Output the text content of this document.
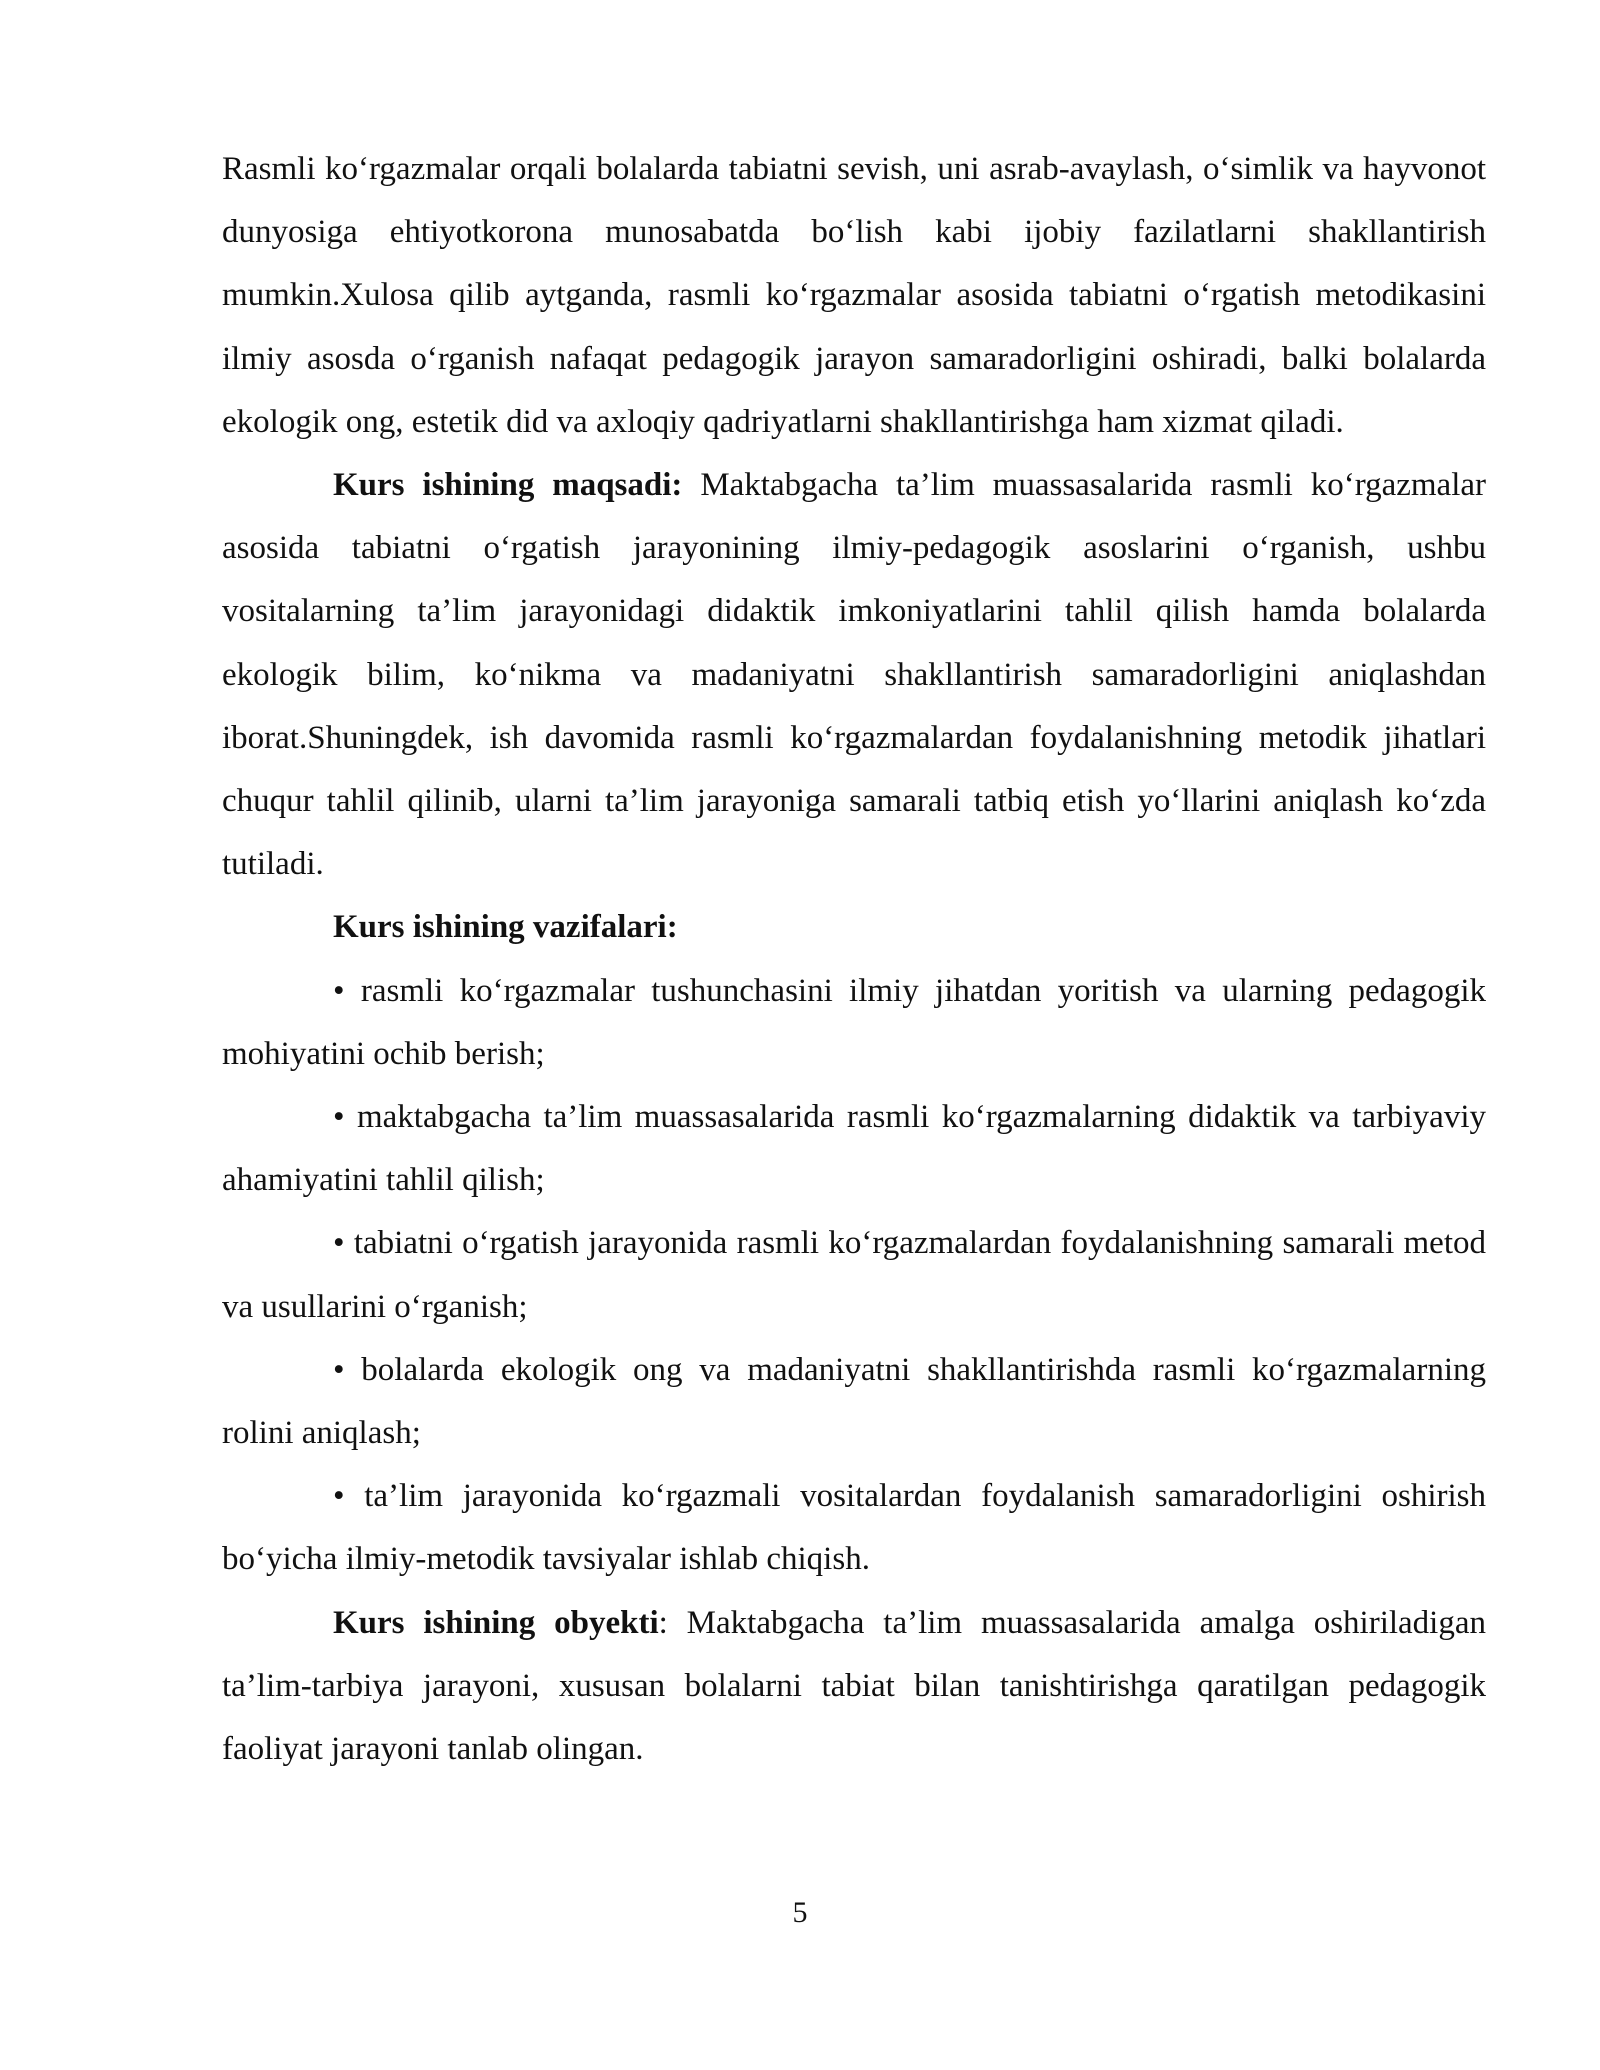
Rasmli ko‘rgazmalar orqali bolalarda tabiatni sevish, uni asrab-avaylash, o‘simlik va hayvonot dunyosiga ehtiyotkorona munosabatda bo‘lish kabi ijobiy fazilatlarni shakllantirish mumkin.Xulosa qilib aytganda, rasmli ko‘rgazmalar asosida tabiatni o‘rgatish metodikasini ilmiy asosda o‘rganish nafaqat pedagogik jarayon samaradorligini oshiradi, balki bolalarda ekologik ong, estetik did va axloqiy qadriyatlarni shakllantirishga ham xizmat qiladi.

Kurs ishining maqsadi: Maktabgacha ta’lim muassasalarida rasmli ko‘rgazmalar asosida tabiatni o‘rgatish jarayonining ilmiy-pedagogik asoslarini o‘rganish, ushbu vositalarning ta’lim jarayonidagi didaktik imkoniyatlarini tahlil qilish hamda bolalarda ekologik bilim, ko‘nikma va madaniyatni shakllantirish samaradorligini aniqlashdan iborat.Shuningdek, ish davomida rasmli ko‘rgazmalardan foydalanishning metodik jihatlari chuqur tahlil qilinib, ularni ta’lim jarayoniga samarali tatbiq etish yo‘llarini aniqlash ko‘zda tutiladi.

Kurs ishining vazifalari:

• rasmli ko‘rgazmalar tushunchasini ilmiy jihatdan yoritish va ularning pedagogik mohiyatini ochib berish;

• maktabgacha ta’lim muassasalarida rasmli ko‘rgazmalarning didaktik va tarbiyaviy ahamiyatini tahlil qilish;

• tabiatni o‘rgatish jarayonida rasmli ko‘rgazmalardan foydalanishning samarali metod va usullarini o‘rganish;

• bolalarda ekologik ong va madaniyatni shakllantirishda rasmli ko‘rgazmalarning rolini aniqlash;

• ta’lim jarayonida ko‘rgazmali vositalardan foydalanish samaradorligini oshirish bo‘yicha ilmiy-metodik tavsiyalar ishlab chiqish.

Kurs ishining obyekti: Maktabgacha ta’lim muassasalarida amalga oshiriladigan ta’lim-tarbiya jarayoni, xususan bolalarni tabiat bilan tanishtirishga qaratilgan pedagogik faoliyat jarayoni tanlab olingan.

5
